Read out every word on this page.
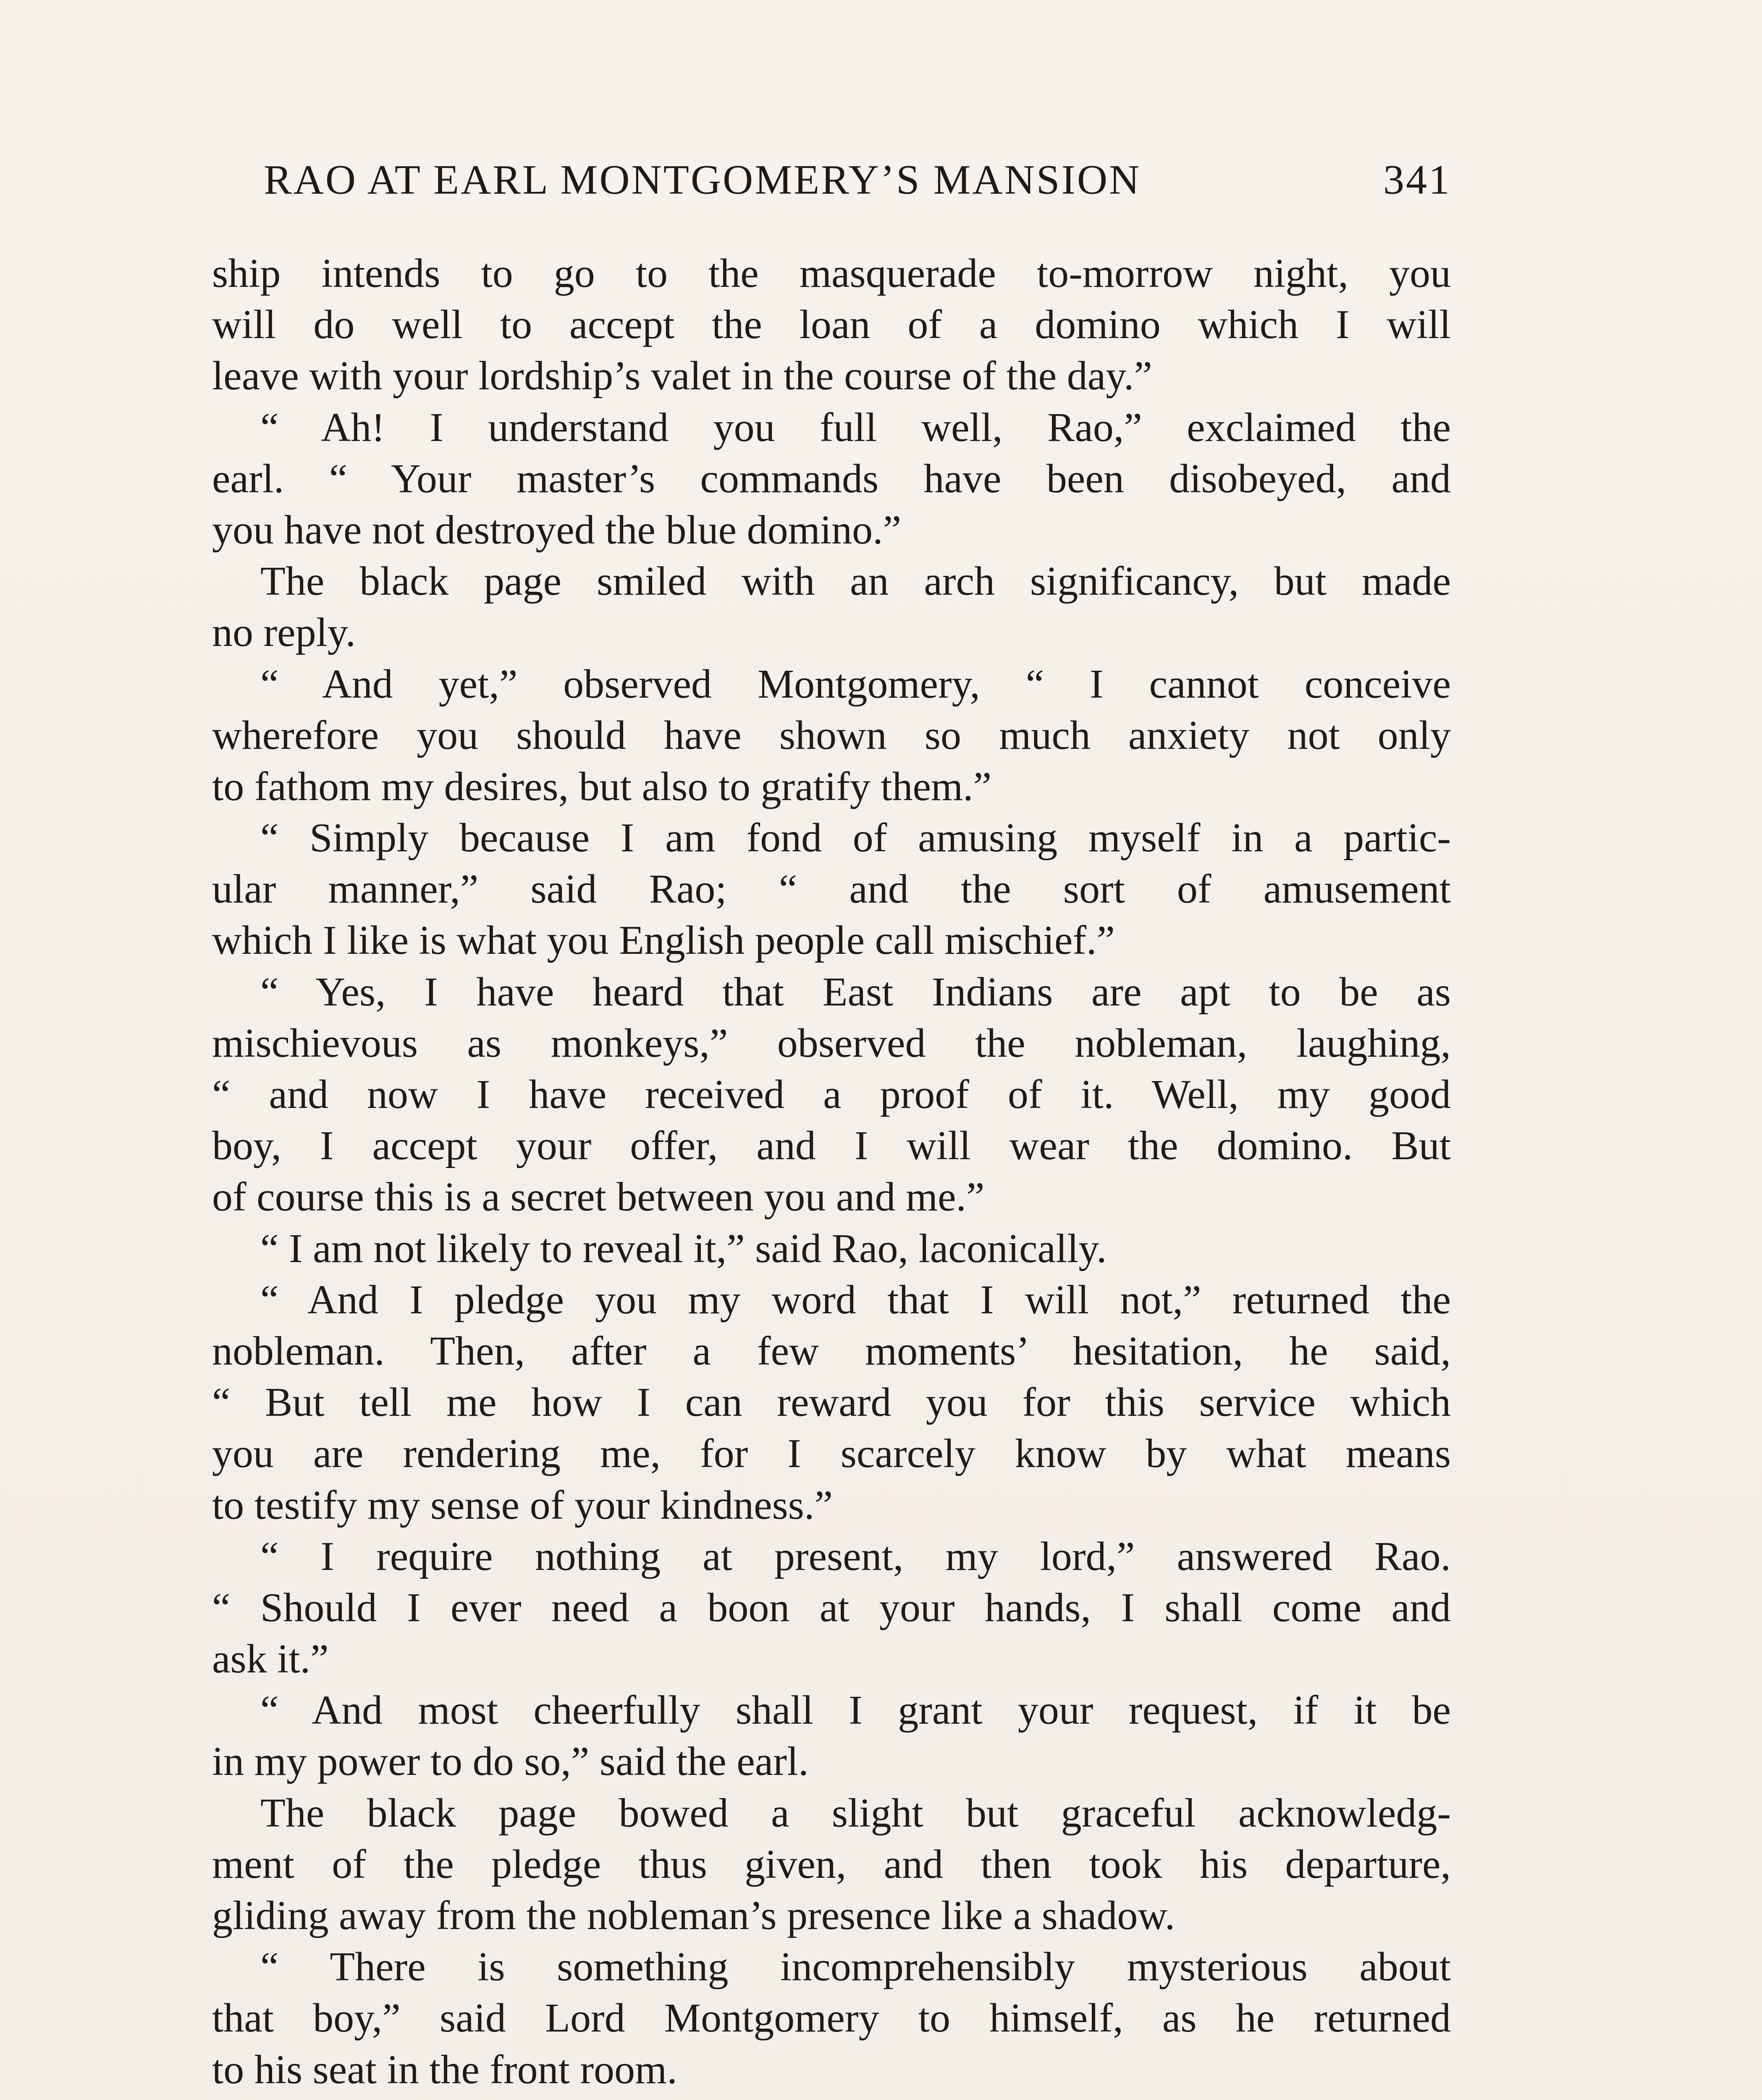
RAO AT EARL MONTGOMERY’S MANSION	341
ship intends to go to the masquerade to-morrow night, you
will do well to accept the loan of a domino which I will
leave with your lordship’s valet in the course of the day.”
“ Ah! I understand you full well, Rao,” exclaimed the
earl. “ Your master’s commands have been disobeyed, and
you have not destroyed the blue domino.”
The black page smiled with an arch significancy, but made
no reply.
“ And yet,” observed Montgomery, “ I cannot conceive
wherefore you should have shown so much anxiety not only
to fathom my desires, but also to gratify them.”
“ Simply because I am fond of amusing myself in a partic-
ular manner,” said Rao; “ and the sort of amusement
which I like is what you English people call mischief.”
“ Yes, I have heard that East Indians are apt to be as
mischievous as monkeys,” observed the nobleman, laughing,
“ and now I have received a proof of it. Well, my good
boy, I accept your offer, and I will wear the domino. But
of course this is a secret between you and me.”
“ I am not likely to reveal it,” said Rao, laconically.
“ And I pledge you my word that I will not,” returned the
nobleman. Then, after a few moments’ hesitation, he said,
“ But tell me how I can reward you for this service which
you are rendering me, for I scarcely know by what means
to testify my sense of your kindness.”
“ I require nothing at present, my lord,” answered Rao.
“ Should I ever need a boon at your hands, I shall come and
ask it.”
“ And most cheerfully shall I grant your request, if it be
in my power to do so,” said the earl.
The black page bowed a slight but graceful acknowledg-
ment of the pledge thus given, and then took his departure,
gliding away from the nobleman’s presence like a shadow.
“ There is something incomprehensibly mysterious about
that boy,” said Lord Montgomery to himself, as he returned
to his seat in the front room.
